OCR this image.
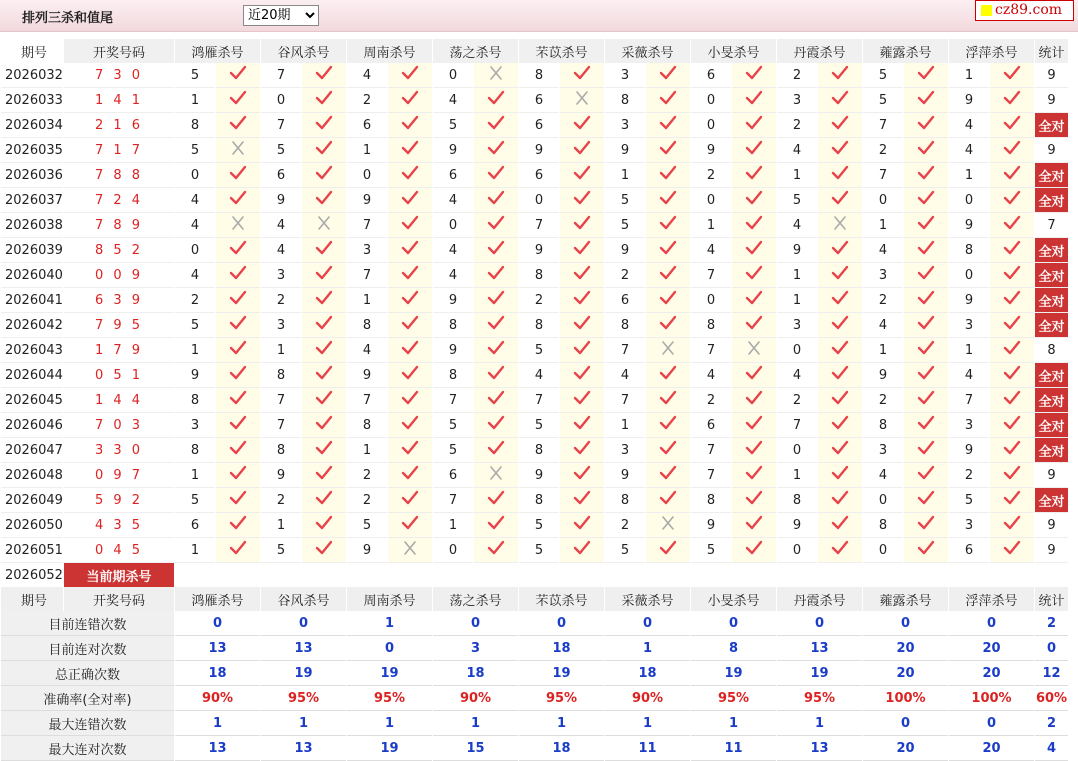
排列三杀和值尾
近20期
cz89.com
期号	开奖号码	鸿雁杀号		谷风杀号		周南杀号		荡之杀号		芣苡杀号		采薇杀号		小旻杀号		丹霞杀号		蕹露杀号		浮萍杀号		统计
2026032	7 3 0	5		7		4		0		8		3		6		2		5		1		9
2026033	1 4 1	1		0		2		4		6		8		0		3		5		9		9
2026034	2 1 6	8		7		6		5		6		3		0		2		7		4		全对
2026035	7 1 7	5		5		1		9		9		9		9		4		2		4		9
2026036	7 8 8	0		6		0		6		6		1		2		1		7		1		全对
2026037	7 2 4	4		9		9		4		0		5		0		5		0		0		全对
2026038	7 8 9	4		4		7		0		7		5		1		4		1		9		7
2026039	8 5 2	0		4		3		4		9		9		4		9		4		8		全对
2026040	0 0 9	4		3		7		4		8		2		7		1		3		0		全对
2026041	6 3 9	2		2		1		9		2		6		0		1		2		9		全对
2026042	7 9 5	5		3		8		8		8		8		8		3		4		3		全对
2026043	1 7 9	1		1		4		9		5		7		7		0		1		1		8
2026044	0 5 1	9		8		9		8		4		4		4		4		9		4		全对
2026045	1 4 4	8		7		7		7		7		7		2		2		2		7		全对
2026046	7 0 3	3		7		8		5		5		1		6		7		8		3		全对
2026047	3 3 0	8		8		1		5		8		3		7		0		3		9		全对
2026048	0 9 7	1		9		2		6		9		9		7		1		4		2		9
2026049	5 9 2	5		2		2		7		8		8		8		8		0		5		全对
2026050	4 3 5	6		1		5		1		5		2		9		9		8		3		9
2026051	0 4 5	1		5		9		0		5		5		5		0		0		6		9
2026052	当前期杀号	0		9		9		8		4		3		2		3		8		2		
期号	开奖号码	鸿雁杀号		谷风杀号		周南杀号		荡之杀号		芣苡杀号		采薇杀号		小旻杀号		丹霞杀号		蕹露杀号		浮萍杀号		统计
目前连错次数		0		0		1		0		0		0		0		0		0		0		2
目前连对次数		13		13		0		3		18		1		8		13		20		20		0
总正确次数		18		19		19		18		19		18		19		19		20		20		12
准确率(全对率)		90%		95%		95%		90%		95%		90%		95%		95%		100%		100%		60%
最大连错次数		1		1		1		1		1		1		1		1		0		0		2
最大连对次数		13		13		19		15		18		11		11		13		20		20		4
